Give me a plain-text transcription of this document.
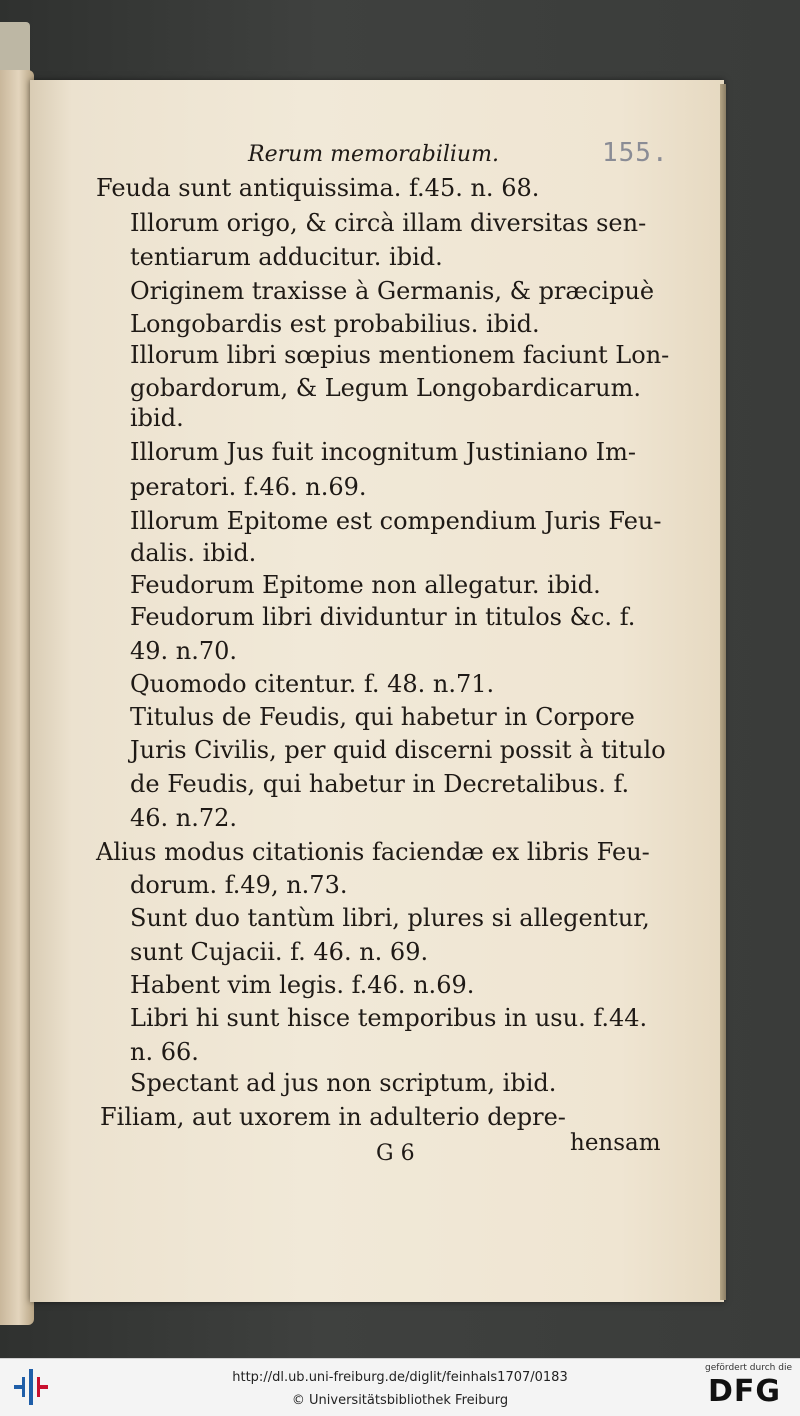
Rerum memorabilium.	155.
Feuda sunt antiquissima. f.45. n. 68.
Illorum origo, & circà illam diversitas sen-
tentiarum adducitur. ibid.
Originem traxisse à Germanis, & præcipuè
Longobardis est probabilius. ibid.
Illorum libri sœpius mentionem faciunt Lon-
gobardorum, & Legum Longobardicarum.
ibid.
Illorum Jus fuit incognitum Justiniano Im-
peratori. f.46. n.69.
Illorum Epitome est compendium Juris Feu-
dalis. ibid.
Feudorum Epitome non allegatur. ibid.
Feudorum libri dividuntur in titulos &c. f.
49. n.70.
Quomodo citentur. f. 48. n.71.
Titulus de Feudis, qui habetur in Corpore
Juris Civilis, per quid discerni possit à titulo
de Feudis, qui habetur in Decretalibus. f.
46. n.72.
Alius modus citationis faciendæ ex libris Feu-
dorum. f.49, n.73.
Sunt duo tantùm libri, plures si allegentur,
sunt Cujacii. f. 46. n. 69.
Habent vim legis. f.46. n.69.
Libri hi sunt hisce temporibus in usu. f.44.
n. 66.
Spectant ad jus non scriptum, ibid.
Filiam, aut uxorem in adulterio depre-
G 6	hensam
http://dl.ub.uni-freiburg.de/diglit/feinhals1707/0183
© Universitätsbibliothek Freiburg
gefördert durch die
DFG
